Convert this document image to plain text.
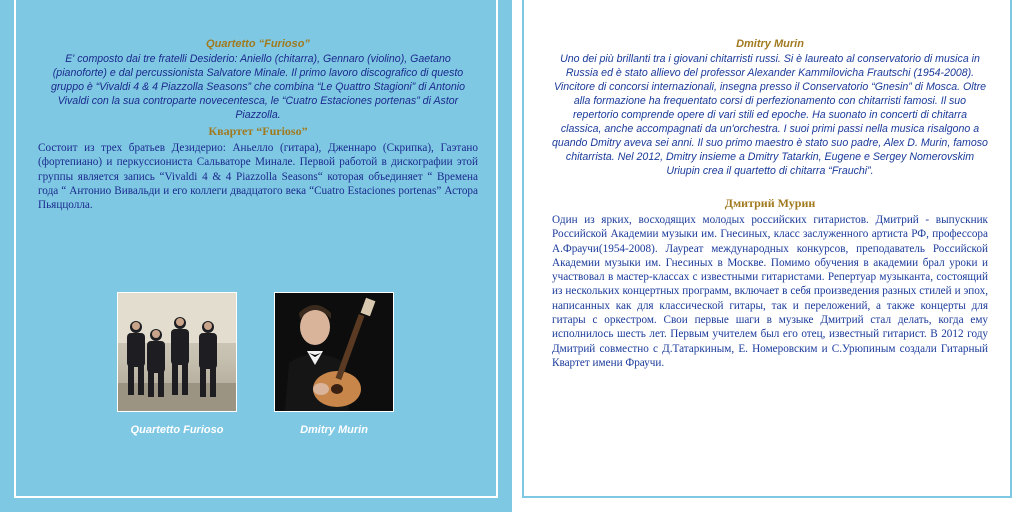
Quartetto “Furioso”

E' composto dai tre fratelli Desiderio: Aniello (chitarra), Gennaro (violino), Gaetano (pianoforte) e dal percussionista Salvatore Minale. Il primo lavoro discografico di questo gruppo è “Vivaldi 4 & 4 Piazzolla Seasons” che combina “Le Quattro Stagioni” di Antonio Vivaldi con la sua controparte novecentesca, le “Cuatro Estaciones portenas” di Astor Piazzolla.

Квартет “Furioso”

Состоит из трех братьев Дезидерио: Аньелло (гитара), Дженнаро (Скрипка), Гаэтано (фортепиано) и перкуссиониста Сальваторе Минале. Первой работой в дискографии этой группы является запись “Vivaldi 4 & 4 Piazzolla Seasons“ которая объединяет “ Времена года “ Антонио Вивальди и его коллеги двадцатого века “Cuatro Estaciones portenas” Астора Пьяццолла.

Quartetto Furioso	Dmitry Murin

Dmitry Murin

Uno dei più brillanti tra i giovani chitarristi russi. Si è laureato al conservatorio di musica in Russia ed è stato allievo del professor Alexander Kammilovicha Frautschi (1954-2008). Vincitore di concorsi internazionali, insegna presso il Conservatorio “Gnesin” di Mosca. Oltre alla formazione ha frequentato corsi di perfezionamento con chitarristi famosi. Il suo repertorio comprende opere di vari stili ed epoche. Ha suonato in concerti di chitarra classica, anche accompagnati da un'orchestra. I suoi primi passi nella musica risalgono a quando Dmitry aveva sei anni. Il suo primo maestro è stato suo padre, Alex D. Murin, famoso chitarrista. Nel 2012, Dmitry insieme a Dmitry Tatarkin, Eugene e Sergey Nomerovskim Uriupin crea il quartetto di chitarra “Frauchi”.

Дмитрий Мурин

Один из ярких, восходящих молодых российских гитаристов. Дмитрий - выпускник Российской Академии музыки им. Гнесиных, класс заслуженного артиста РФ, профессора А.Фраучи(1954-2008). Лауреат международных конкурсов, преподаватель Российской Академии музыки им. Гнесиных в Москве. Помимо обучения в академии брал уроки и участвовал в мастер-классах с известными гитаристами. Репертуар музыканта, состоящий из нескольких концертных программ, включает в себя произведения разных стилей и эпох, написанных как для классической гитары, так и переложений, а также концерты для гитары с оркестром. Свои первые шаги в музыке Дмитрий стал делать, когда ему исполнилось шесть лет. Первым учителем был его отец, известный гитарист. В 2012 году Дмитрий совместно с Д.Татаркиным, Е. Номеровским и С.Урюпиным создали Гитарный Квартет имени Фраучи.
